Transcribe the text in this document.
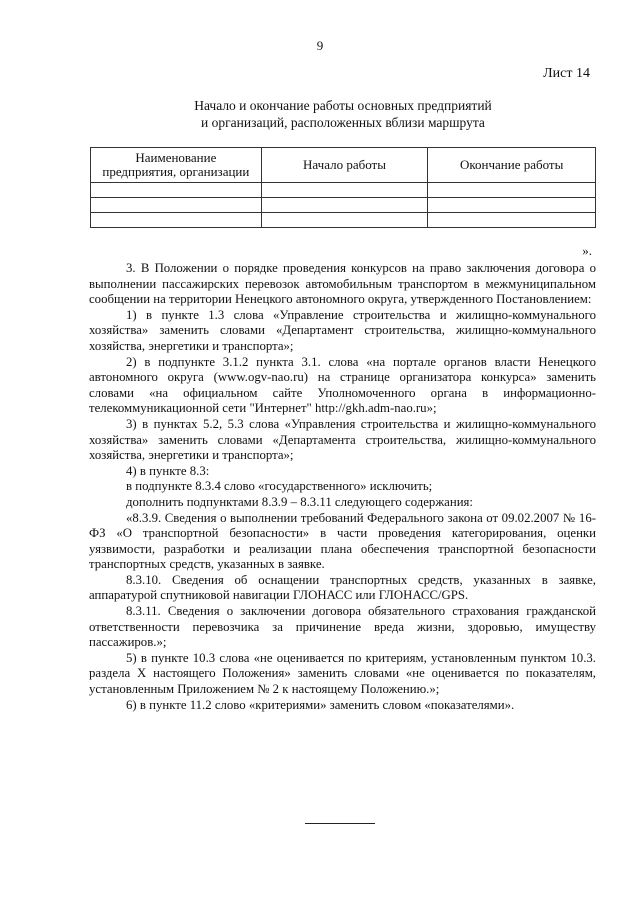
9
Лист 14
Начало и окончание работы основных предприятий
и организаций, расположенных вблизи маршрута
Наименование
предприятия, организации	Начало работы	Окончание работы

».

3. В Положении о порядке проведения конкурсов на право заключения договора о выполнении пассажирских перевозок автомобильным транспортом в межмуниципальном сообщении на территории Ненецкого автономного округа, утвержденного Постановлением:

1) в пункте 1.3 слова «Управление строительства и жилищно-коммунального хозяйства» заменить словами «Департамент строительства, жилищно-коммунального хозяйства, энергетики и транспорта»;

2) в подпункте 3.1.2 пункта 3.1. слова «на портале органов власти Ненецкого автономного округа (www.ogv-nao.ru) на странице организатора конкурса» заменить словами «на официальном сайте Уполномоченного органа в информационно-телекоммуникационной сети "Интернет" http://gkh.adm-nao.ru»;

3) в пунктах 5.2, 5.3 слова «Управления строительства и жилищно-коммунального хозяйства» заменить словами «Департамента строительства, жилищно-коммунального хозяйства, энергетики и транспорта»;

4) в пункте 8.3:

в подпункте 8.3.4 слово «государственного» исключить;

дополнить подпунктами 8.3.9 – 8.3.11 следующего содержания:

«8.3.9. Сведения о выполнении требований Федерального закона от 09.02.2007 № 16-ФЗ «О транспортной безопасности» в части проведения категорирования, оценки уязвимости, разработки и реализации плана обеспечения транспортной безопасности транспортных средств, указанных в заявке.

8.3.10. Сведения об оснащении транспортных средств, указанных в заявке, аппаратурой спутниковой навигации ГЛОНАСС или ГЛОНАСС/GPS.

8.3.11. Сведения о заключении договора обязательного страхования гражданской ответственности перевозчика за причинение вреда жизни, здоровью, имуществу пассажиров.»;

5) в пункте 10.3 слова «не оценивается по критериям, установленным пунктом 10.3. раздела X настоящего Положения» заменить словами «не оценивается по показателям, установленным Приложением № 2 к настоящему Положению.»;

6) в пункте 11.2 слово «критериями» заменить словом «показателями».
